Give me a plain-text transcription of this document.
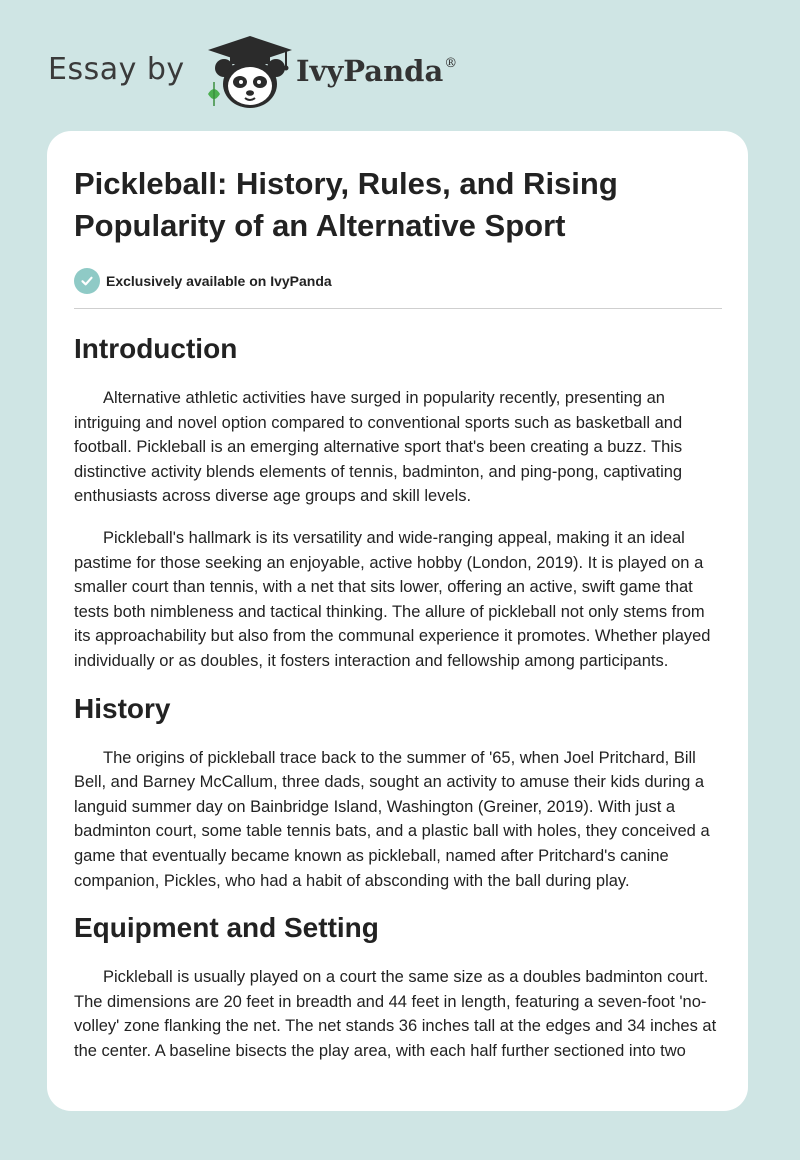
Essay by	IvyPanda®
Pickleball: History, Rules, and Rising Popularity of an Alternative Sport
Exclusively available on IvyPanda
Introduction

Alternative athletic activities have surged in popularity recently, presenting an intriguing and novel option compared to conventional sports such as basketball and football. Pickleball is an emerging alternative sport that's been creating a buzz. This distinctive activity blends elements of tennis, badminton, and ping-pong, captivating enthusiasts across diverse age groups and skill levels.

Pickleball's hallmark is its versatility and wide-ranging appeal, making it an ideal pastime for those seeking an enjoyable, active hobby (London, 2019). It is played on a smaller court than tennis, with a net that sits lower, offering an active, swift game that tests both nimbleness and tactical thinking. The allure of pickleball not only stems from its approachability but also from the communal experience it promotes. Whether played individually or as doubles, it fosters interaction and fellowship among participants.

History

The origins of pickleball trace back to the summer of '65, when Joel Pritchard, Bill Bell, and Barney McCallum, three dads, sought an activity to amuse their kids during a languid summer day on Bainbridge Island, Washington (Greiner, 2019). With just a badminton court, some table tennis bats, and a plastic ball with holes, they conceived a game that eventually became known as pickleball, named after Pritchard's canine companion, Pickles, who had a habit of absconding with the ball during play.

Equipment and Setting

Pickleball is usually played on a court the same size as a doubles badminton court. The dimensions are 20 feet in breadth and 44 feet in length, featuring a seven-foot 'no-volley' zone flanking the net. The net stands 36 inches tall at the edges and 34 inches at the center. A baseline bisects the play area, with each half further sectioned into two
